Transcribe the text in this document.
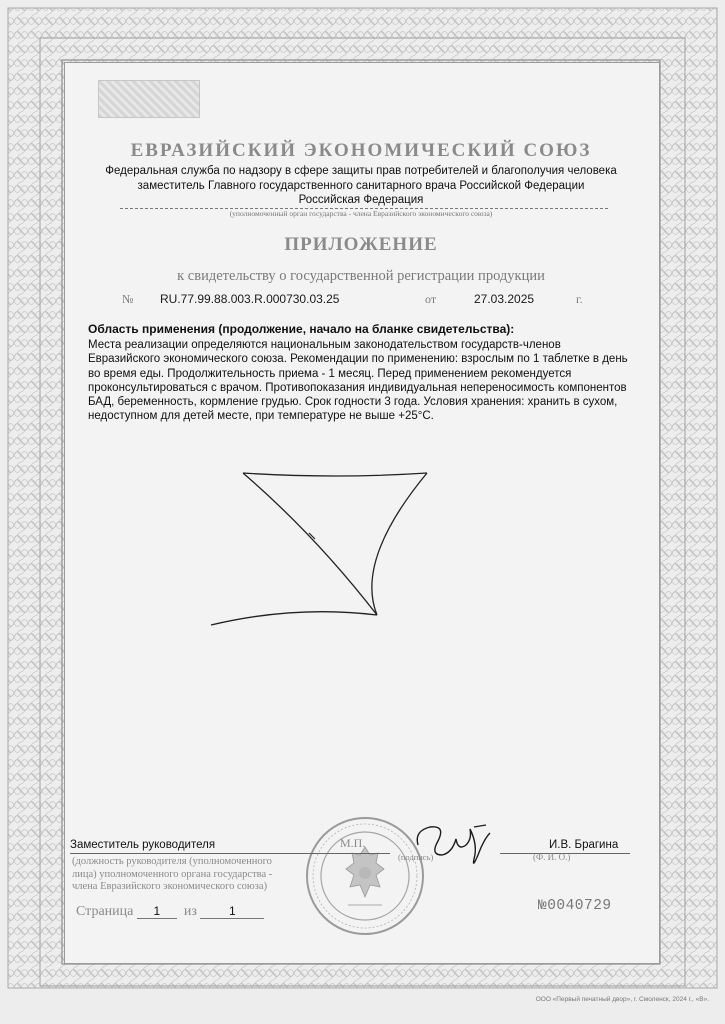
ЕВРАЗИЙСКИЙ ЭКОНОМИЧЕСКИЙ СОЮЗ
Федеральная служба по надзору в сфере защиты прав потребителей и благополучия человека
заместитель Главного государственного санитарного врача Российской Федерации
Российская Федерация
(уполномоченный орган государства - члена Евразийского экономического союза)
ПРИЛОЖЕНИЕ
к свидетельству о государственной регистрации продукции
№ RU.77.99.88.003.R.000730.03.25	от	27.03.2025	г.
Область применения (продолжение, начало на бланке свидетельства):
Места реализации определяются национальным законодательством государств-членов Евразийского экономического союза. Рекомендации по применению: взрослым по 1 таблетке в день во время еды. Продолжительность приема - 1 месяц. Перед применением рекомендуется проконсультироваться с врачом. Противопоказания индивидуальная непереносимость компонентов БАД, беременность, кормление грудью. Срок годности 3 года. Условия хранения: хранить в сухом, недоступном для детей месте, при температуре не выше +25°С.
Заместитель руководителя	М.П.
(подпись)
И.В. Брагина
(Ф. И. О.)
(должность руководителя (уполномоченного
лица) уполномоченного органа государства -
члена Евразийского экономического союза)
Страница 1 из	1	№0040729
ООО «Первый печатный двор», г. Смоленск, 2024 г., «В».
